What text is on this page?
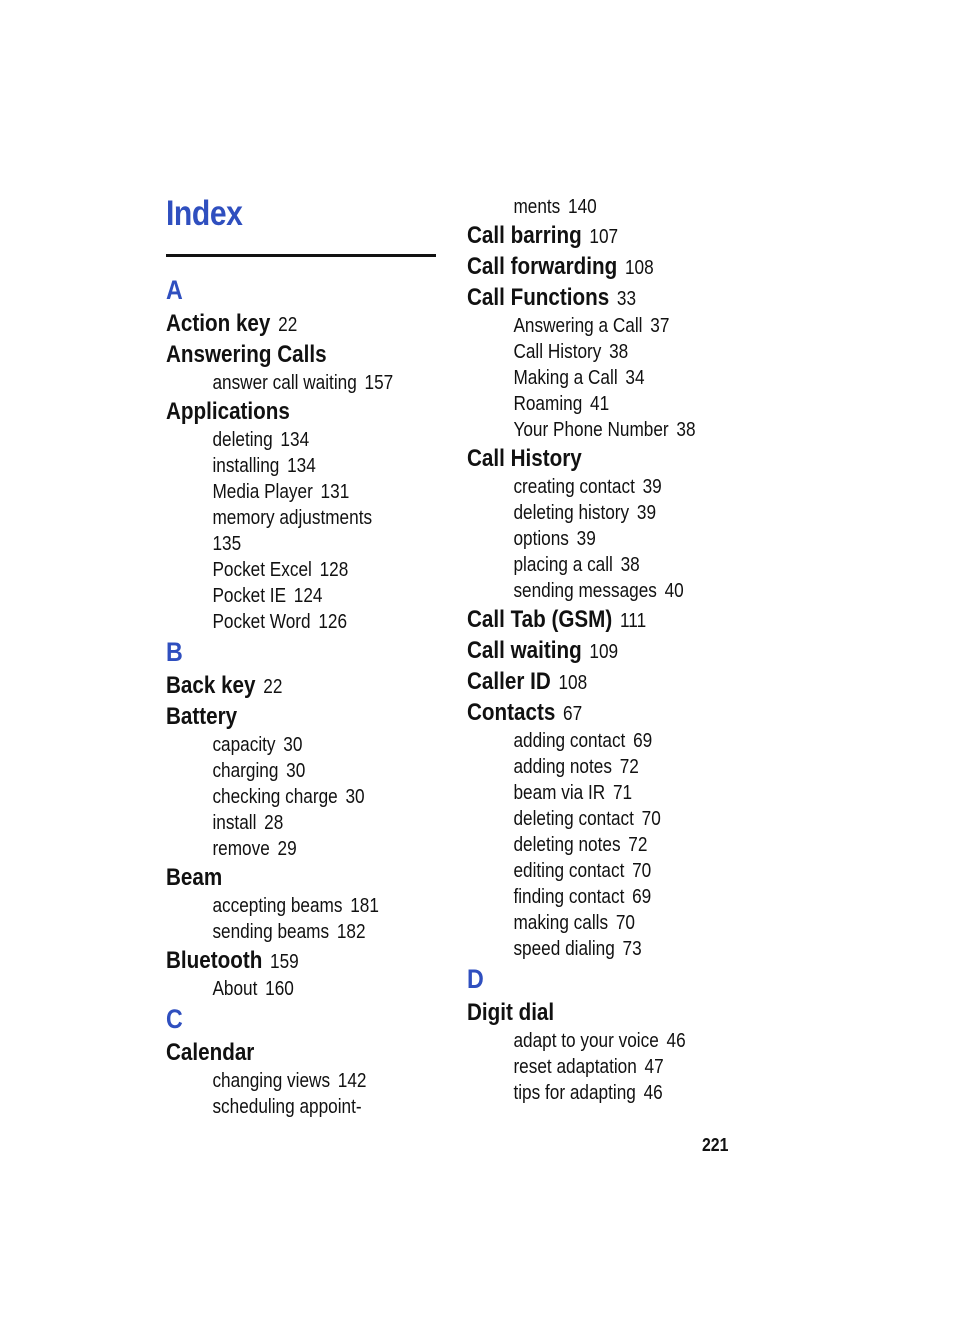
Index
A
Action key 22
Answering Calls
answer call waiting 157
Applications
deleting 134
installing 134
Media Player 131
memory adjustments
135
Pocket Excel 128
Pocket IE 124
Pocket Word 126
B
Back key 22
Battery
capacity 30
charging 30
checking charge 30
install 28
remove 29
Beam
accepting beams 181
sending beams 182
Bluetooth 159
About 160
C
Calendar
changing views 142
scheduling appoint-
ments 140
Call barring 107
Call forwarding 108
Call Functions 33
Answering a Call 37
Call History 38
Making a Call 34
Roaming 41
Your Phone Number 38
Call History
creating contact 39
deleting history 39
options 39
placing a call 38
sending messages 40
Call Tab (GSM) 111
Call waiting 109
Caller ID 108
Contacts 67
adding contact 69
adding notes 72
beam via IR 71
deleting contact 70
deleting notes 72
editing contact 70
finding contact 69
making calls 70
speed dialing 73
D
Digit dial
adapt to your voice 46
reset adaptation 47
tips for adapting 46
221
